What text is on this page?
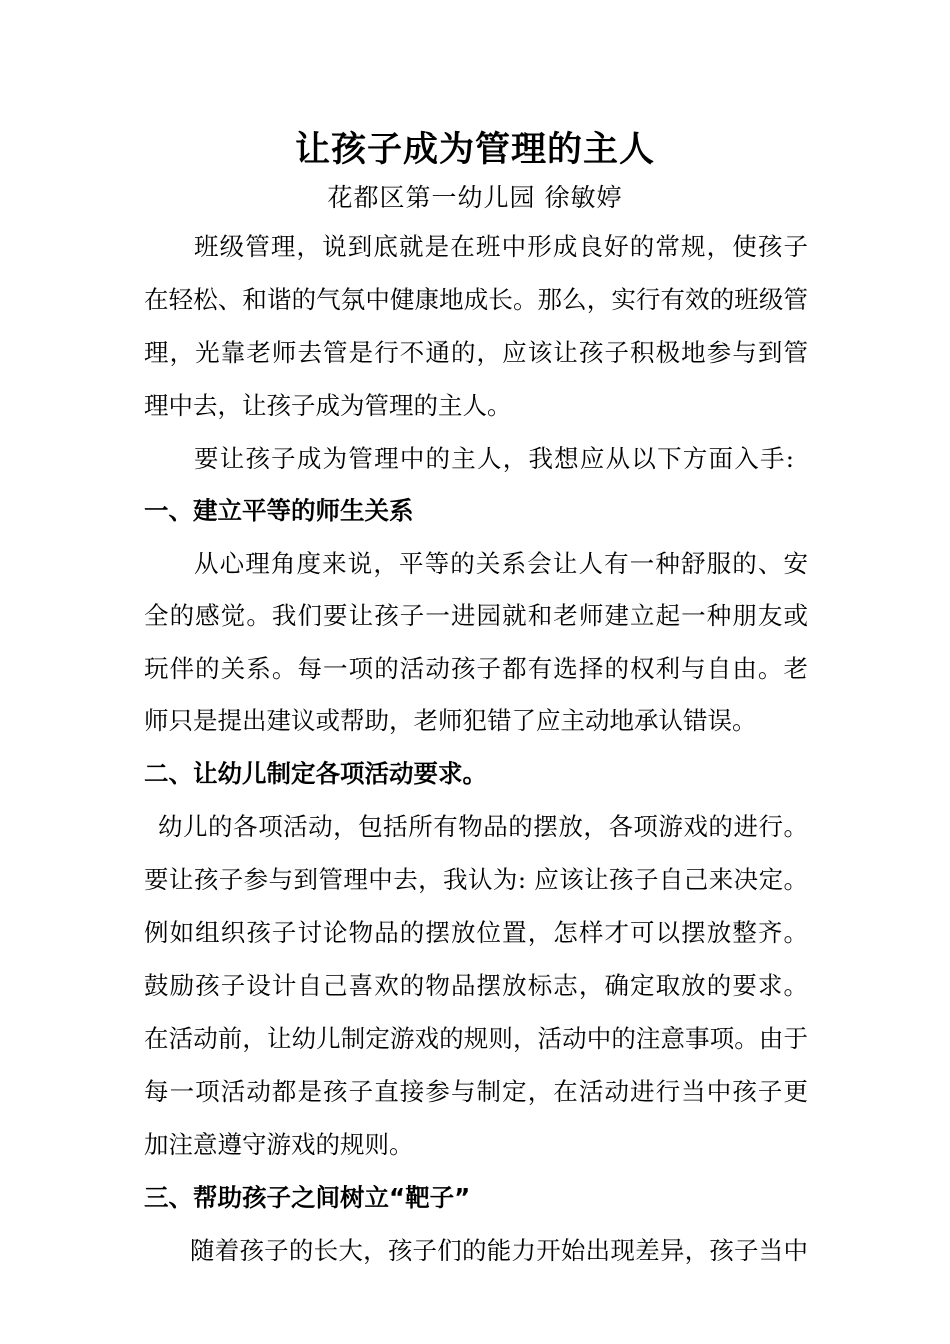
让孩子成为管理的主人
花都区第一幼儿园 徐敏婷
班级管理，说到底就是在班中形成良好的常规，使孩子
在轻松、和谐的气氛中健康地成长。那么，实行有效的班级管
理，光靠老师去管是行不通的，应该让孩子积极地参与到管
理中去，让孩子成为管理的主人。
要让孩子成为管理中的主人，我想应从以下方面入手:
一、建立平等的师生关系
从心理角度来说，平等的关系会让人有一种舒服的、安
全的感觉。我们要让孩子一进园就和老师建立起一种朋友或
玩伴的关系。每一项的活动孩子都有选择的权利与自由。老
师只是提出建议或帮助，老师犯错了应主动地承认错误。
二、让幼儿制定各项活动要求。
幼儿的各项活动，包括所有物品的摆放，各项游戏的进行。
要让孩子参与到管理中去，我认为: 应该让孩子自己来决定。
例如组织孩子讨论物品的摆放位置，怎样才可以摆放整齐。
鼓励孩子设计自己喜欢的物品摆放标志，确定取放的要求。
在活动前，让幼儿制定游戏的规则，活动中的注意事项。由于
每一项活动都是孩子直接参与制定，在活动进行当中孩子更
加注意遵守游戏的规则。
三、帮助孩子之间树立“靶子”
随着孩子的长大，孩子们的能力开始出现差异，孩子当中
